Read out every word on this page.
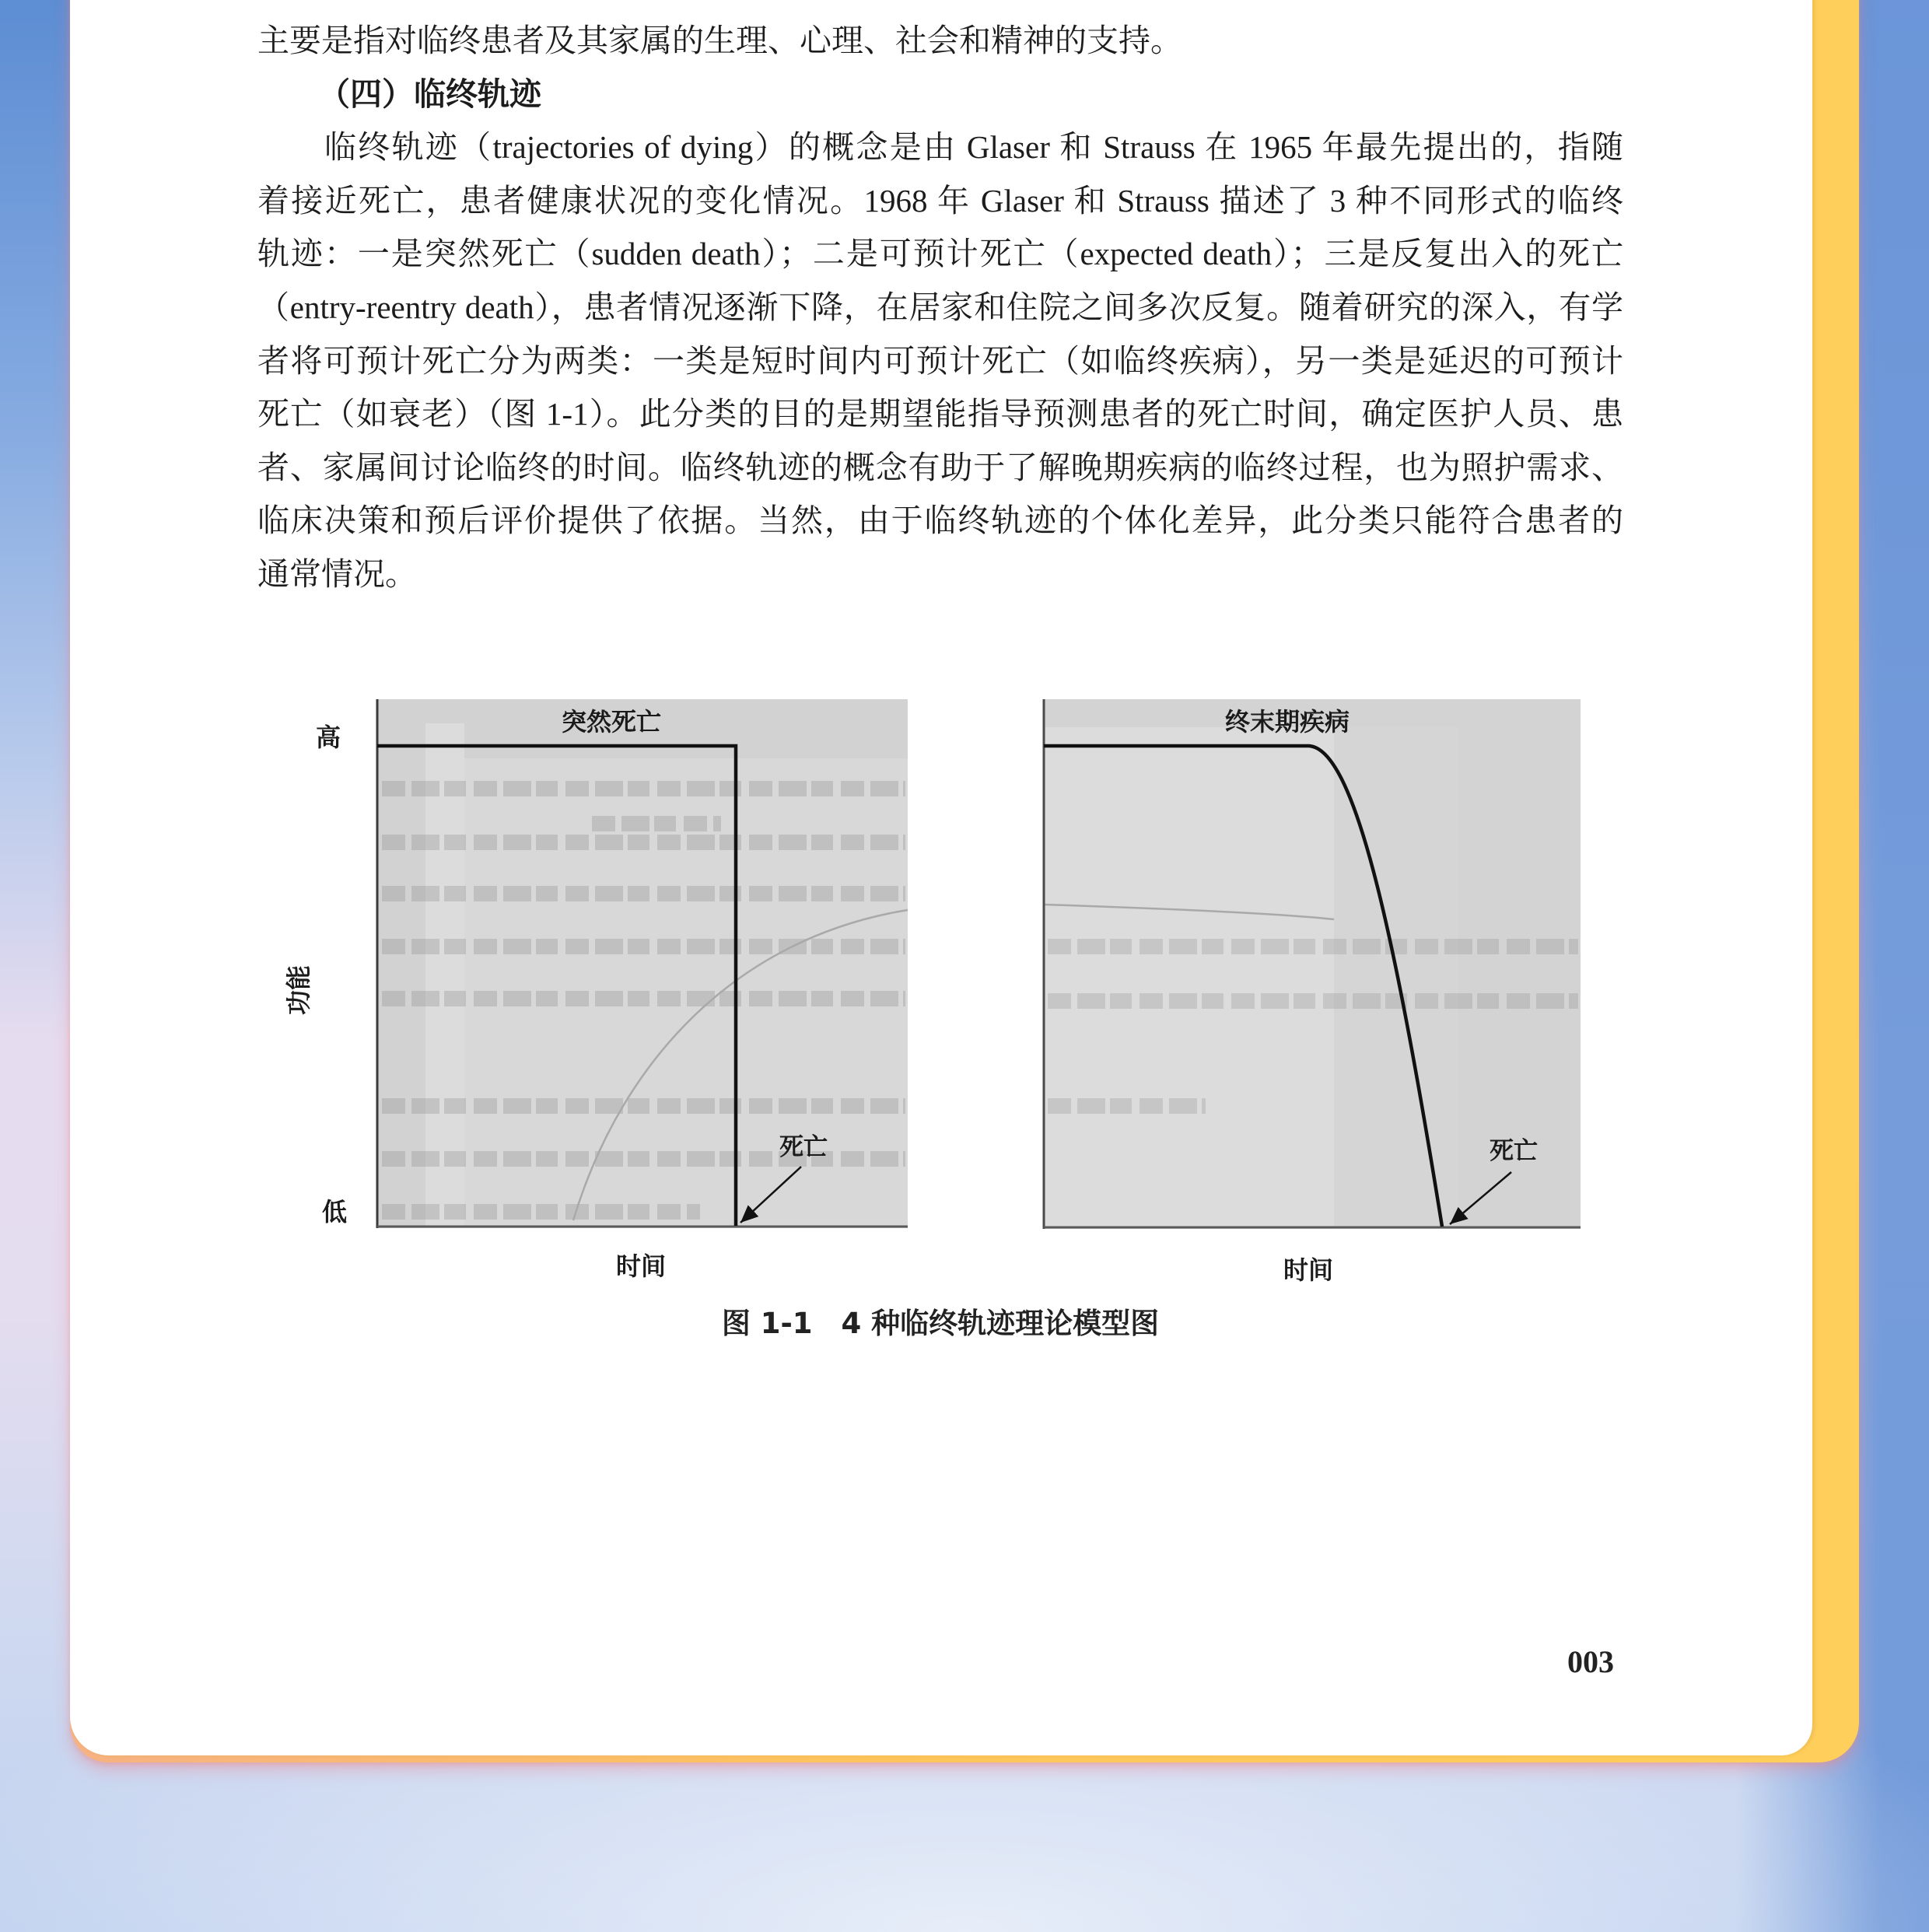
主要是指对临终患者及其家属的生理、心理、社会和精神的支持。
（四）临终轨迹
临终轨迹（trajectories of dying）的概念是由 Glaser 和 Strauss 在 1965 年最先提出的，指随
着接近死亡，患者健康状况的变化情况。1968 年 Glaser 和 Strauss 描述了 3 种不同形式的临终
轨迹：一是突然死亡（sudden death）；二是可预计死亡（expected death）；三是反复出入的死亡
（entry-reentry death），患者情况逐渐下降，在居家和住院之间多次反复。随着研究的深入，有学
者将可预计死亡分为两类：一类是短时间内可预计死亡（如临终疾病），另一类是延迟的可预计
死亡（如衰老）（图 1-1）。此分类的目的是期望能指导预测患者的死亡时间，确定医护人员、患
者、家属间讨论临终的时间。临终轨迹的概念有助于了解晚期疾病的临终过程，也为照护需求、
临床决策和预后评价提供了依据。当然，由于临终轨迹的个体化差异，此分类只能符合患者的
通常情况。
突然死亡
死亡
时间
终末期疾病
死亡
时间
高
低
功能
图 1-1　4 种临终轨迹理论模型图
003
